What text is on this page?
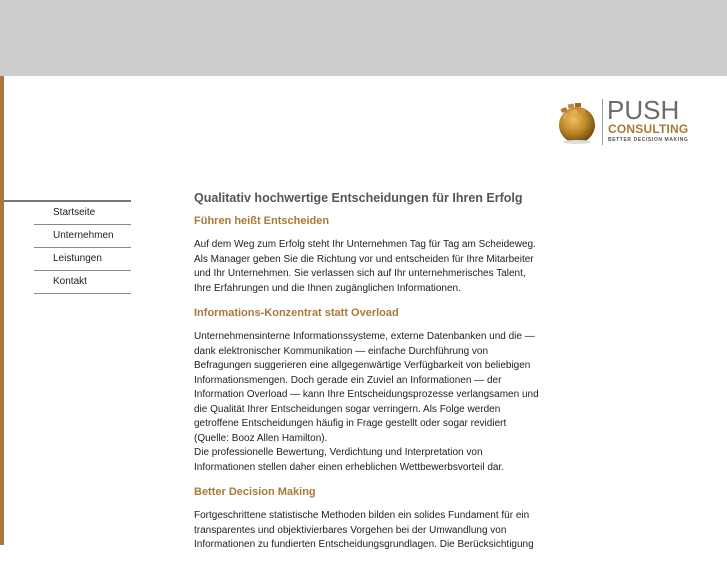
PUSH
CONSULTING
BETTER DECISION MAKING
Startseite
Unternehmen
Leistungen
Kontakt
Qualitativ hochwertige Entscheidungen für Ihren Erfolg
Führen heißt Entscheiden

Auf dem Weg zum Erfolg steht Ihr Unternehmen Tag für Tag am Scheideweg. Als Manager geben Sie die Richtung vor und entscheiden für Ihre Mitarbeiter und Ihr Unternehmen. Sie verlassen sich auf Ihr unternehmerisches Talent, Ihre Erfahrungen und die Ihnen zugänglichen Informationen.

Informations-Konzentrat statt Overload

Unternehmensinterne Informationssysteme, externe Datenbanken und die — dank elektronischer Kommunikation — einfache Durchführung von Befragungen suggerieren eine allgegenwärtige Verfügbarkeit von beliebigen Informationsmengen. Doch gerade ein Zuviel an Informationen — der Information Overload — kann Ihre Entscheidungsprozesse verlangsamen und die Qualität Ihrer Entscheidungen sogar verringern. Als Folge werden getroffene Entscheidungen häufig in Frage gestellt oder sogar revidiert (Quelle: Booz Allen Hamilton).

Die professionelle Bewertung, Verdichtung und Interpretation von Informationen stellen daher einen erheblichen Wettbewerbsvorteil dar.

Better Decision Making

Fortgeschrittene statistische Methoden bilden ein solides Fundament für ein transparentes und objektivierbares Vorgehen bei der Umwandlung von Informationen zu fundierten Entscheidungsgrundlagen. Die Berücksichtigung
